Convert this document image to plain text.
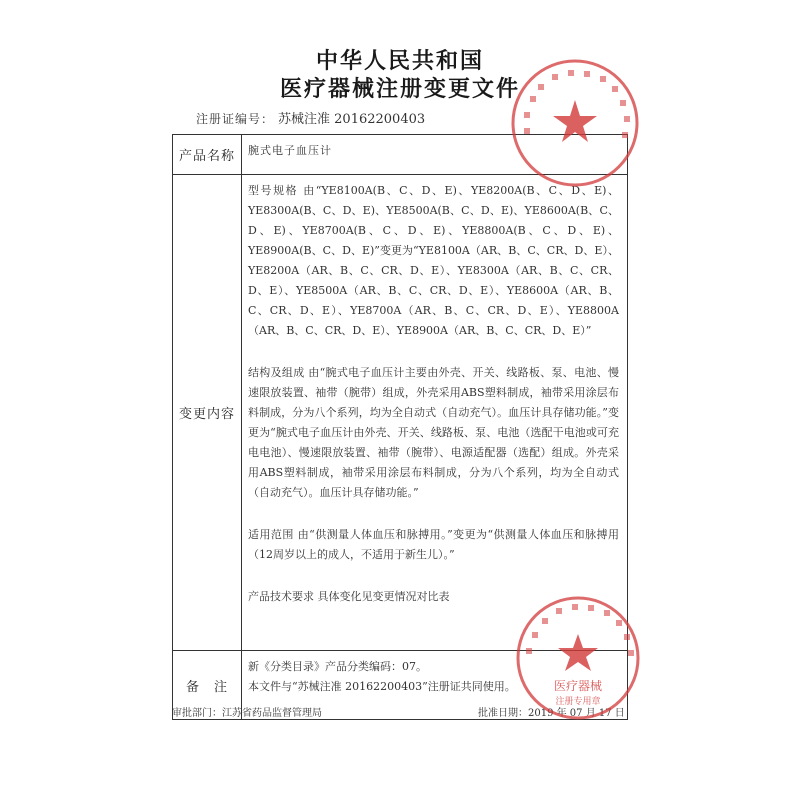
中华人民共和国
医疗器械注册变更文件
注册证编号： 苏械注准 20162200403
产品名称	腕式电子血压计
变更内容	型号规格 由“YE8100A(B、C、D、E)、YE8200A(B、C、D、E)、YE8300A(B、C、D、E)、YE8500A(B、C、D、E)、YE8600A(B、C、D、E)、YE8700A(B、C、D、E)、YE8800A(B、C、D、E)、YE8900A(B、C、D、E)”变更为“YE8100A（AR、B、C、CR、D、E）、YE8200A（AR、B、C、CR、D、E）、YE8300A（AR、B、C、CR、D、E）、YE8500A（AR、B、C、CR、D、E）、YE8600A（AR、B、C、CR、D、E）、YE8700A（AR、B、C、CR、D、E）、YE8800A（AR、B、C、CR、D、E）、YE8900A（AR、B、C、CR、D、E）”

结构及组成 由“腕式电子血压计主要由外壳、开关、线路板、泵、电池、慢速限放装置、袖带（腕带）组成，外壳采用ABS塑料制成，袖带采用涂层布料制成，分为八个系列，均为全自动式（自动充气）。血压计具存储功能。”变更为“腕式电子血压计由外壳、开关、线路板、泵、电池（选配干电池或可充电电池）、慢速限放装置、袖带（腕带）、电源适配器（选配）组成。外壳采用ABS塑料制成，袖带采用涂层布料制成，分为八个系列，均为全自动式（自动充气）。血压计具存储功能。”

适用范围 由“供测量人体血压和脉搏用。”变更为“供测量人体血压和脉搏用（12周岁以上的成人，不适用于新生儿）。”

产品技术要求 具体变化见变更情况对比表

备　注	新《分类目录》产品分类编码：07。

本文件与“苏械注准 20162200403”注册证共同使用。

审批部门：江苏省药品监督管理局	批准日期：2019 年 07 月 17 日
医疗器械
注册专用章
